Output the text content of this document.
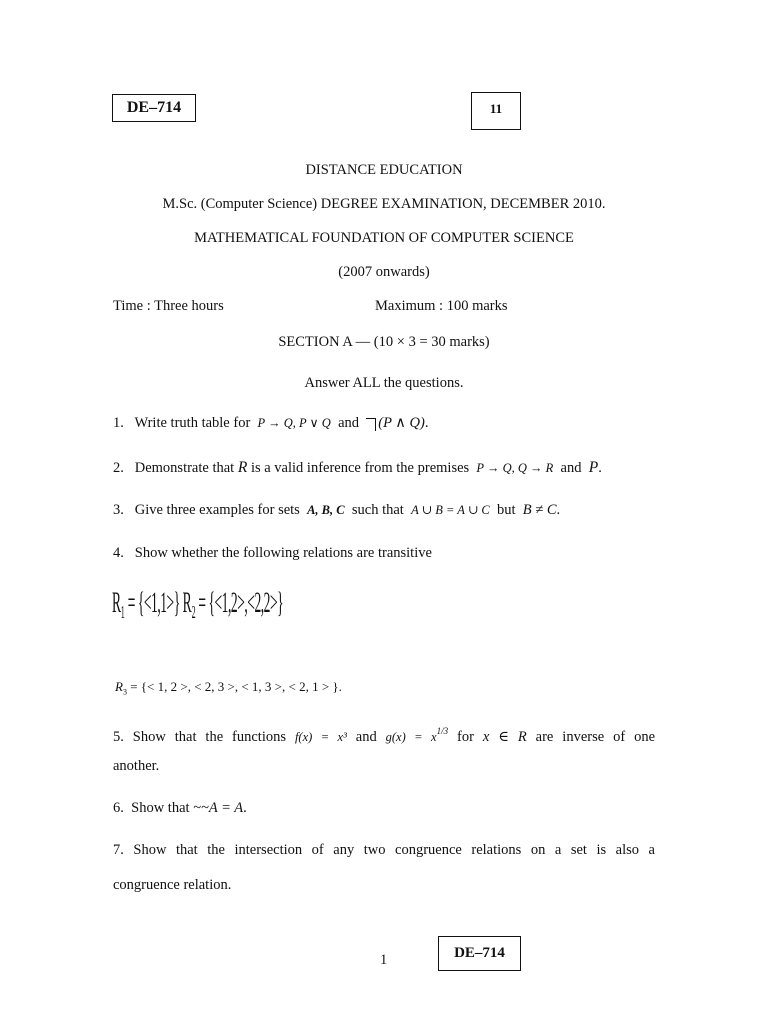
DE–714	11
DISTANCE EDUCATION
M.Sc. (Computer Science) DEGREE EXAMINATION, DECEMBER 2010.
MATHEMATICAL FOUNDATION OF COMPUTER SCIENCE
(2007 onwards)
Time : Three hours	Maximum : 100 marks
SECTION A — (10 × 3 = 30 marks)
Answer ALL the questions.
1. Write truth table for P → Q, P ∨ Q and (P ∧ Q).
2. Demonstrate that R is a valid inference from the premises P → Q, Q → R and P.
3. Give three examples for sets A, B, C such that A ∪ B = A ∪ C but B ≠ C.
4. Show whether the following relations are transitive
R₁ = {<1,1>} R₂ = {<1,2>,<2,2>}
$R_3$ = {< 1, 2 >, < 2, 3 >, < 1, 3 >, < 2, 1 > }.
5. Show that the functions f(x) = x³ and $g(x) = x^{1/3}$ for x ∈ R are inverse of one
another.
6. Show that ~~A = A.
7. Show that the intersection of any two congruence relations on a set is also a
congruence relation.
1	DE–714
